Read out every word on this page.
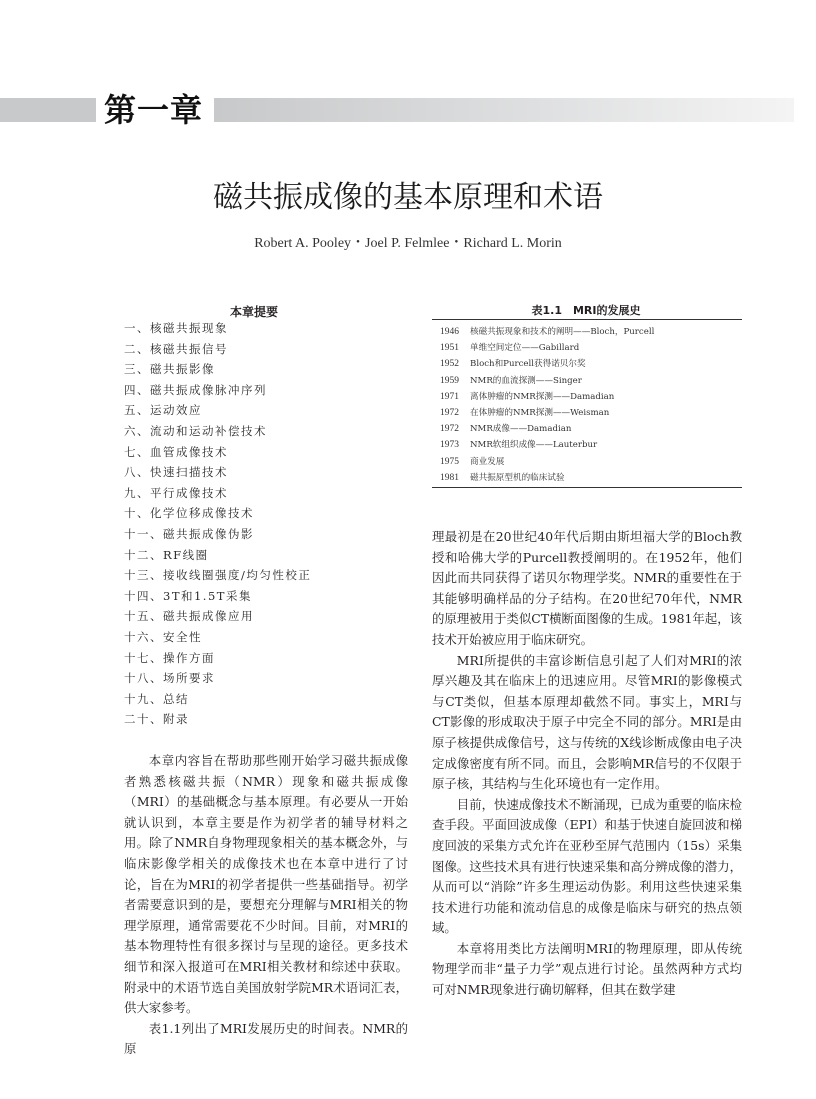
第一章
磁共振成像的基本原理和术语
Robert A. Pooley・Joel P. Felmlee・Richard L. Morin
本章提要
一、核磁共振现象
二、核磁共振信号
三、磁共振影像
四、磁共振成像脉冲序列
五、运动效应
六、流动和运动补偿技术
七、血管成像技术
八、快速扫描技术
九、平行成像技术
十、化学位移成像技术
十一、磁共振成像伪影
十二、RF线圈
十三、接收线圈强度/均匀性校正
十四、3T和1.5T采集
十五、磁共振成像应用
十六、安全性
十七、操作方面
十八、场所要求
十九、总结
二十、附录
表1.1　MRI的发展史
1946	核磁共振现象和技术的阐明——Bloch，Purcell
1951	单维空间定位——Gabillard
1952	Bloch和Purcell获得诺贝尔奖
1959	NMR的血流探测——Singer
1971	离体肿瘤的NMR探测——Damadian
1972	在体肿瘤的NMR探测——Weisman
1972	NMR成像——Damadian
1973	NMR软组织成像——Lauterbur
1975	商业发展
1981	磁共振原型机的临床试验

本章内容旨在帮助那些刚开始学习磁共振成像者熟悉核磁共振（NMR）现象和磁共振成像（MRI）的基础概念与基本原理。有必要从一开始就认识到，本章主要是作为初学者的辅导材料之用。除了NMR自身物理现象相关的基本概念外，与临床影像学相关的成像技术也在本章中进行了讨论，旨在为MRI的初学者提供一些基础指导。初学者需要意识到的是，要想充分理解与MRI相关的物理学原理，通常需要花不少时间。目前，对MRI的基本物理特性有很多探讨与呈现的途径。更多技术细节和深入报道可在MRI相关教材和综述中获取。附录中的术语节选自美国放射学院MR术语词汇表，供大家参考。

表1.1列出了MRI发展历史的时间表。NMR的原

理最初是在20世纪40年代后期由斯坦福大学的Bloch教授和哈佛大学的Purcell教授阐明的。在1952年，他们因此而共同获得了诺贝尔物理学奖。NMR的重要性在于其能够明确样品的分子结构。在20世纪70年代，NMR的原理被用于类似CT横断面图像的生成。1981年起，该技术开始被应用于临床研究。

MRI所提供的丰富诊断信息引起了人们对MRI的浓厚兴趣及其在临床上的迅速应用。尽管MRI的影像模式与CT类似，但基本原理却截然不同。事实上，MRI与CT影像的形成取决于原子中完全不同的部分。MRI是由原子核提供成像信号，这与传统的X线诊断成像由电子决定成像密度有所不同。而且，会影响MR信号的不仅限于原子核，其结构与生化环境也有一定作用。

目前，快速成像技术不断涌现，已成为重要的临床检查手段。平面回波成像（EPI）和基于快速自旋回波和梯度回波的采集方式允许在亚秒至屏气范围内（15s）采集图像。这些技术具有进行快速采集和高分辨成像的潜力，从而可以“消除”许多生理运动伪影。利用这些快速采集技术进行功能和流动信息的成像是临床与研究的热点领域。

本章将用类比方法阐明MRI的物理原理，即从传统物理学而非“量子力学”观点进行讨论。虽然两种方式均可对NMR现象进行确切解释，但其在数学建
